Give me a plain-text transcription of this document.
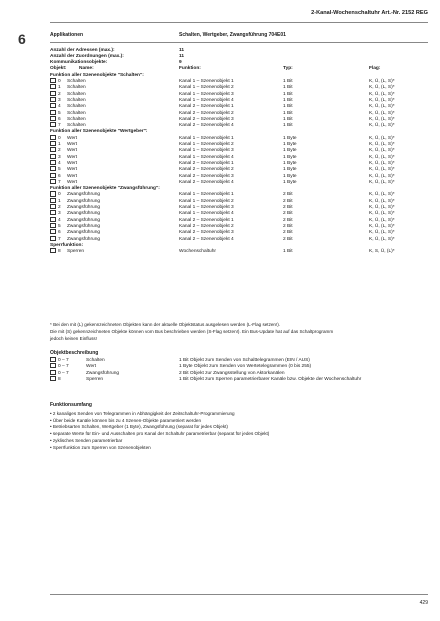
2-Kanal-Wochenschaltuhr Art.-Nr. 2152 REG
6	Applikationen	Schalten, Wertgeber, Zwangsführung 704E01
Anzahl der Adressen (max.):	11
Anzahl der Zuordnungen (max.):	11
Kommunikationsobjekte:	9
Objekt:	Name:	Funktion:	Typ:	Flag:
Funktion aller Szenenobjekte "Schalten":
0 Schalten	Kanal 1 – Szenenobjekt 1	1 Bit	K, Ü, (L, S)*
1 Schalten	Kanal 1 – Szenenobjekt 2	1 Bit	K, Ü, (L, S)*
2 Schalten	Kanal 1 – Szenenobjekt 3	1 Bit	K, Ü, (L, S)*
3 Schalten	Kanal 1 – Szenenobjekt 4	1 Bit	K, Ü, (L, S)*
4 Schalten	Kanal 2 – Szenenobjekt 1	1 Bit	K, Ü, (L, S)*
5 Schalten	Kanal 2 – Szenenobjekt 2	1 Bit	K, Ü, (L, S)*
6 Schalten	Kanal 2 – Szenenobjekt 3	1 Bit	K, Ü, (L, S)*
7 Schalten	Kanal 2 – Szenenobjekt 4	1 Bit	K, Ü, (L, S)*
Funktion aller Szenenobjekte "Wertgeber":
0 Wert	Kanal 1 – Szenenobjekt 1	1 Byte	K, Ü, (L, S)*
1 Wert	Kanal 1 – Szenenobjekt 2	1 Byte	K, Ü, (L, S)*
2 Wert	Kanal 1 – Szenenobjekt 3	1 Byte	K, Ü, (L, S)*
3 Wert	Kanal 1 – Szenenobjekt 4	1 Byte	K, Ü, (L, S)*
4 Wert	Kanal 2 – Szenenobjekt 1	1 Byte	K, Ü, (L, S)*
5 Wert	Kanal 2 – Szenenobjekt 2	1 Byte	K, Ü, (L, S)*
6 Wert	Kanal 2 – Szenenobjekt 3	1 Byte	K, Ü, (L, S)*
7 Wert	Kanal 2 – Szenenobjekt 4	1 Byte	K, Ü, (L, S)*
Funktion aller Szenenobjekte "Zwangsführung":
0 Zwangsführung	Kanal 1 – Szenenobjekt 1	2 Bit	K, Ü, (L, S)*
1 Zwangsführung	Kanal 1 – Szenenobjekt 2	2 Bit	K, Ü, (L, S)*
2 Zwangsführung	Kanal 1 – Szenenobjekt 3	2 Bit	K, Ü, (L, S)*
3 Zwangsführung	Kanal 1 – Szenenobjekt 4	2 Bit	K, Ü, (L, S)*
4 Zwangsführung	Kanal 2 – Szenenobjekt 1	2 Bit	K, Ü, (L, S)*
5 Zwangsführung	Kanal 2 – Szenenobjekt 2	2 Bit	K, Ü, (L, S)*
6 Zwangsführung	Kanal 2 – Szenenobjekt 3	2 Bit	K, Ü, (L, S)*
7 Zwangsführung	Kanal 2 – Szenenobjekt 4	2 Bit	K, Ü, (L, S)*
Sperrfunktion:
8 Sperren	Wochenschaltuhr	1 Bit	K, S, Ü, (L)*
* Bei den mit (L) gekennzeichneten Objekten kann der aktuelle Objektstatus ausgelesen werden (L-Flag setzen!).
Die mit (S) gekennzeichneten Objekte können vom Bus beschrieben werden (S-Flag setzen!). Ein Bus-Update hat auf das Schaltprogramm
jedoch keinen Einfluss!
Objektbeschreibung
0 – 7	Schalten	1 Bit Objekt zum Senden von Schalttelegrammen (EIN / AUS)
0 – 7	Wert	1 Byte Objekt zum Senden von Wertetelegrammen (0 bis 255)
0 – 7	Zwangsführung	2 Bit Objekt zur Zwangsstellung von Aktorkanälen
8	Sperren	1 Bit Objekt zum Sperren parametrierbarer Kanäle bzw. Objekte der Wochenschaltuhr
Funktionsumfang
• 2 kanaliges Senden von Telegrammen in Abhängigkeit der Zeitschaltuhr-Programmierung
• Über beide Kanäle können bis zu 4 Szenen-Objekte parametriert werden
• Betriebsarten Schalten, Wertgeber (1 Byte), Zwangsführung (separat für jedes Objekt)
• separate Werte für Ein- und Ausschalten pro Kanal der Schaltuhr parametrierbar (separat für jedes Objekt)
• zyklisches Senden parametrierbar
• Sperrfunktion zum Sperren von Szenenobjekten
429
